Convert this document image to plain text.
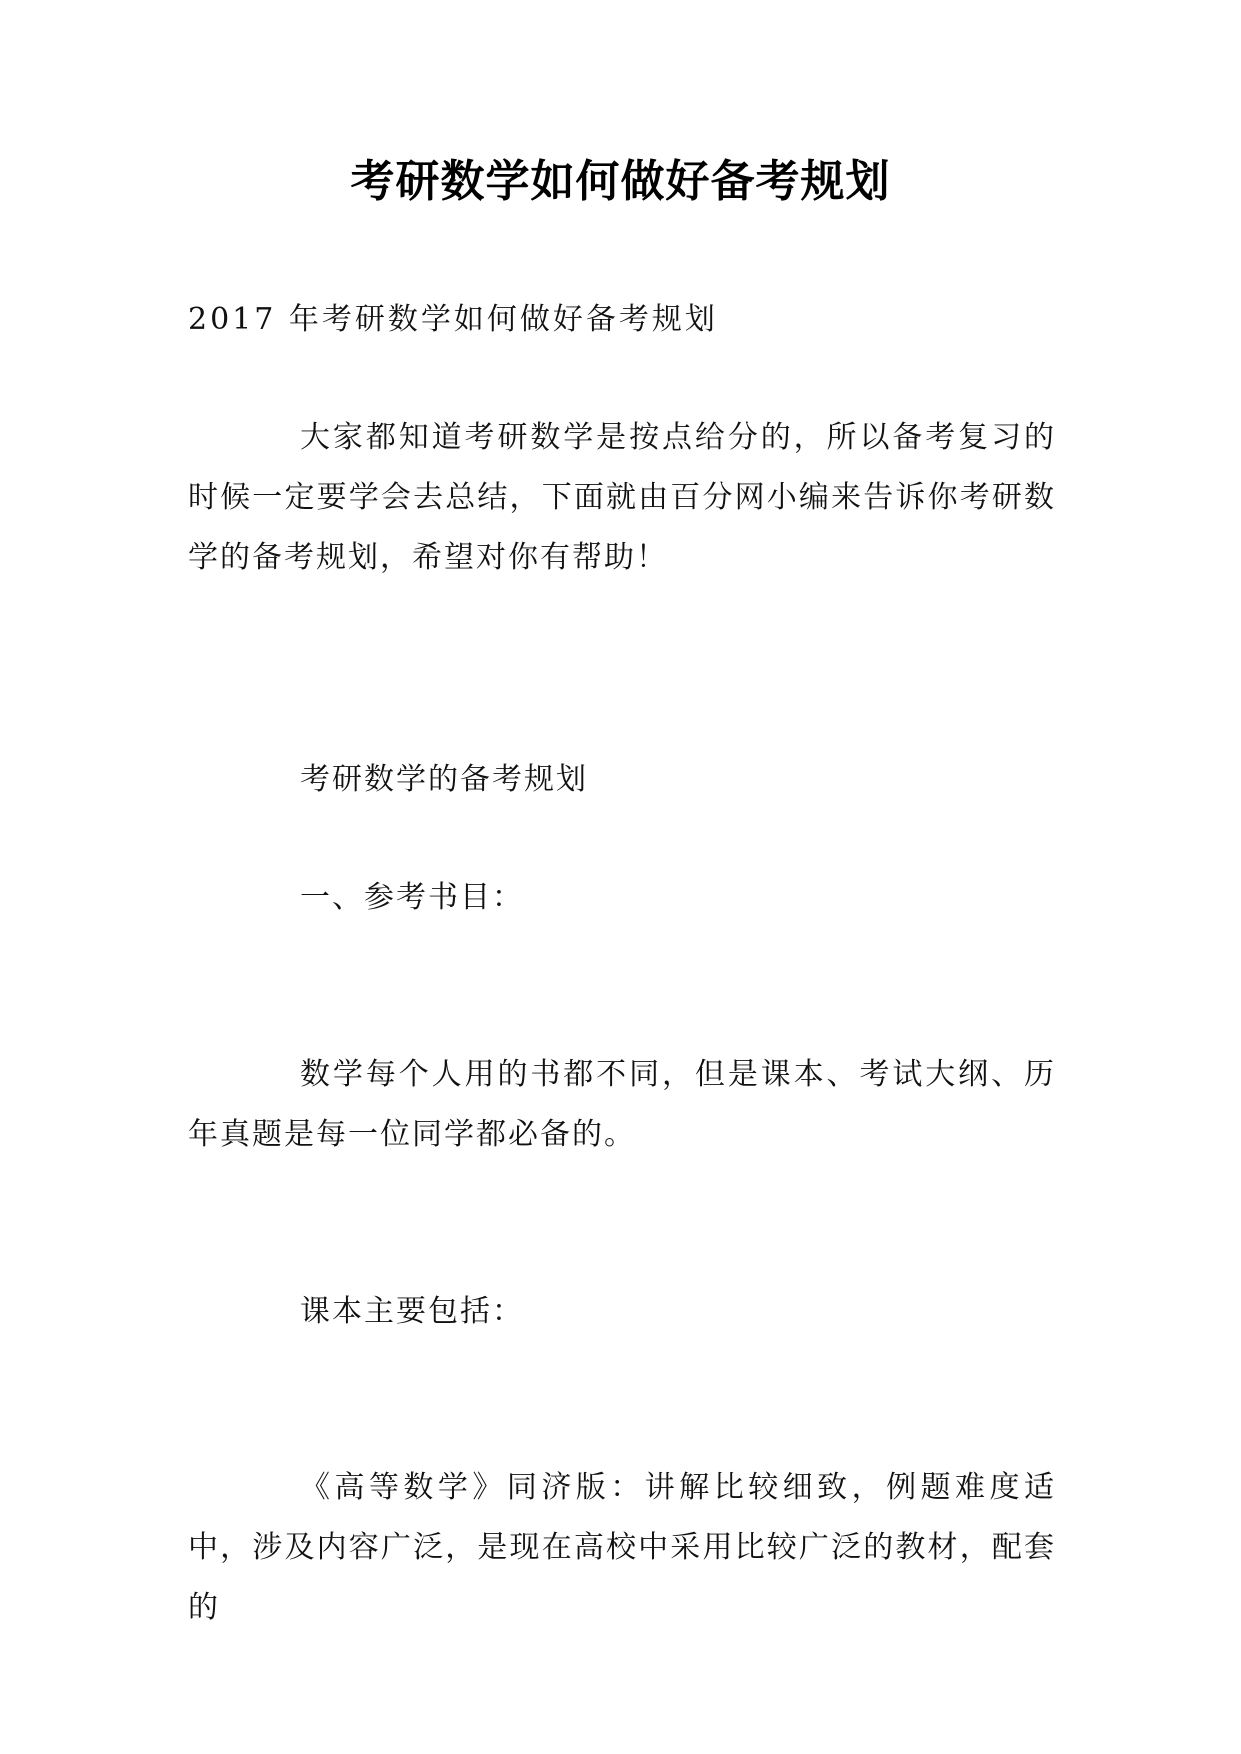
考研数学如何做好备考规划

2017 年考研数学如何做好备考规划

大家都知道考研数学是按点给分的，所以备考复习的时候一定要学会去总结，下面就由百分网小编来告诉你考研数学的备考规划，希望对你有帮助！

考研数学的备考规划

一、参考书目：

数学每个人用的书都不同，但是课本、考试大纲、历年真题是每一位同学都必备的。

课本主要包括：

《高等数学》同济版：讲解比较细致，例题难度适中，涉及内容广泛，是现在高校中采用比较广泛的教材，配套的
